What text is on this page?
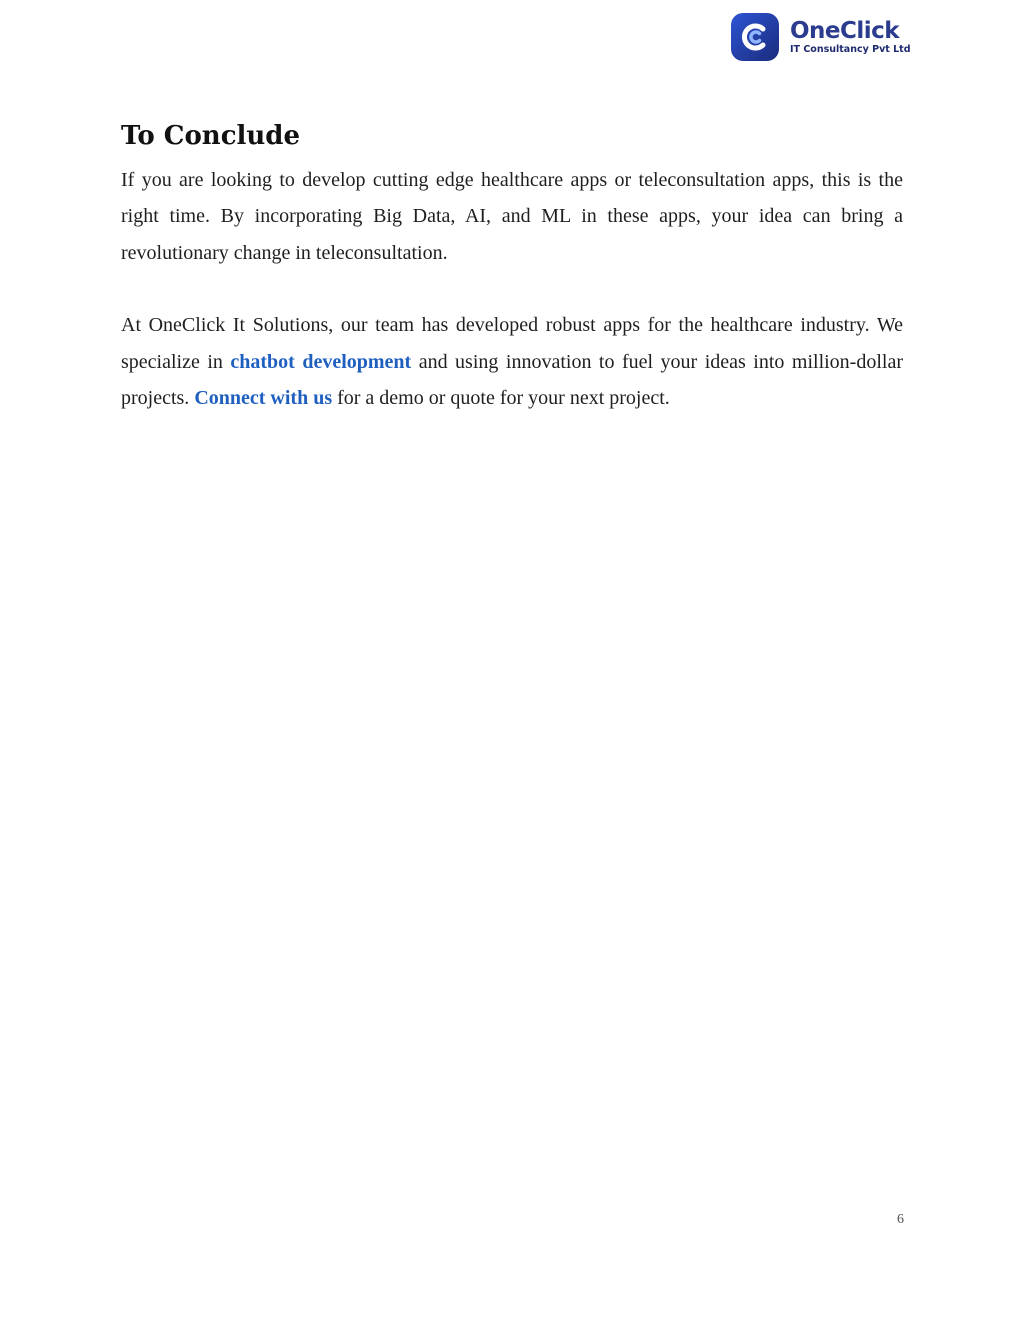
OneClick
IT Consultancy Pvt Ltd
To Conclude

If you are looking to develop cutting edge healthcare apps or teleconsultation apps, this is the right time. By incorporating Big Data, AI, and ML in these apps, your idea can bring a revolutionary change in teleconsultation.

At OneClick It Solutions, our team has developed robust apps for the healthcare industry. We specialize in chatbot development and using innovation to fuel your ideas into million-dollar projects. Connect with us for a demo or quote for your next project.

6
